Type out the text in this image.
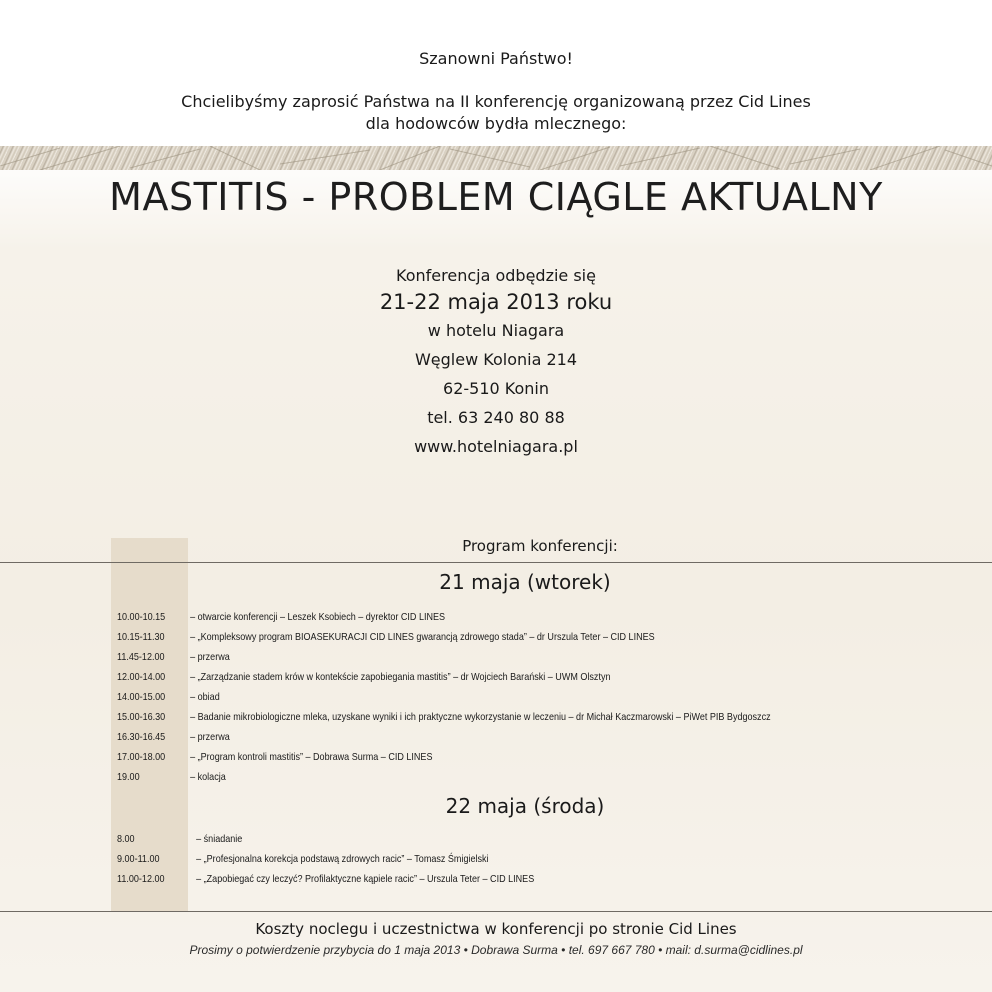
Szanowni Państwo!
Chcielibyśmy zaprosić Państwa na II konferencję organizowaną przez Cid Lines
dla hodowców bydła mlecznego:
MASTITIS - PROBLEM CIĄGLE AKTUALNY
Konferencja odbędzie się
21-22 maja 2013 roku
w hotelu Niagara
Węglew Kolonia 214
62-510 Konin
tel. 63 240 80 88
www.hotelniagara.pl
Program konferencji:
21 maja (wtorek)
10.00-10.15 – otwarcie konferencji – Leszek Ksobiech – dyrektor CID LINES
10.15-11.30 – „Kompleksowy program BIOASEKURACJI CID LINES gwarancją zdrowego stada” – dr Urszula Teter – CID LINES
11.45-12.00 – przerwa
12.00-14.00 – „Zarządzanie stadem krów w kontekście zapobiegania mastitis” – dr Wojciech Barański – UWM Olsztyn
14.00-15.00 – obiad
15.00-16.30 – Badanie mikrobiologiczne mleka, uzyskane wyniki i ich praktyczne wykorzystanie w leczeniu – dr Michał Kaczmarowski – PiWet PIB Bydgoszcz
16.30-16.45 – przerwa
17.00-18.00 – „Program kontroli mastitis” – Dobrawa Surma – CID LINES
19.00	– kolacja
22 maja (środa)
8.00	– śniadanie
9.00-11.00	– „Profesjonalna korekcja podstawą zdrowych racic” – Tomasz Śmigielski
11.00-12.00	– „Zapobiegać czy leczyć? Profilaktyczne kąpiele racic” – Urszula Teter – CID LINES
Koszty noclegu i uczestnictwa w konferencji po stronie Cid Lines
Prosimy o potwierdzenie przybycia do 1 maja 2013 • Dobrawa Surma • tel. 697 667 780 • mail: d.surma@cidlines.pl
